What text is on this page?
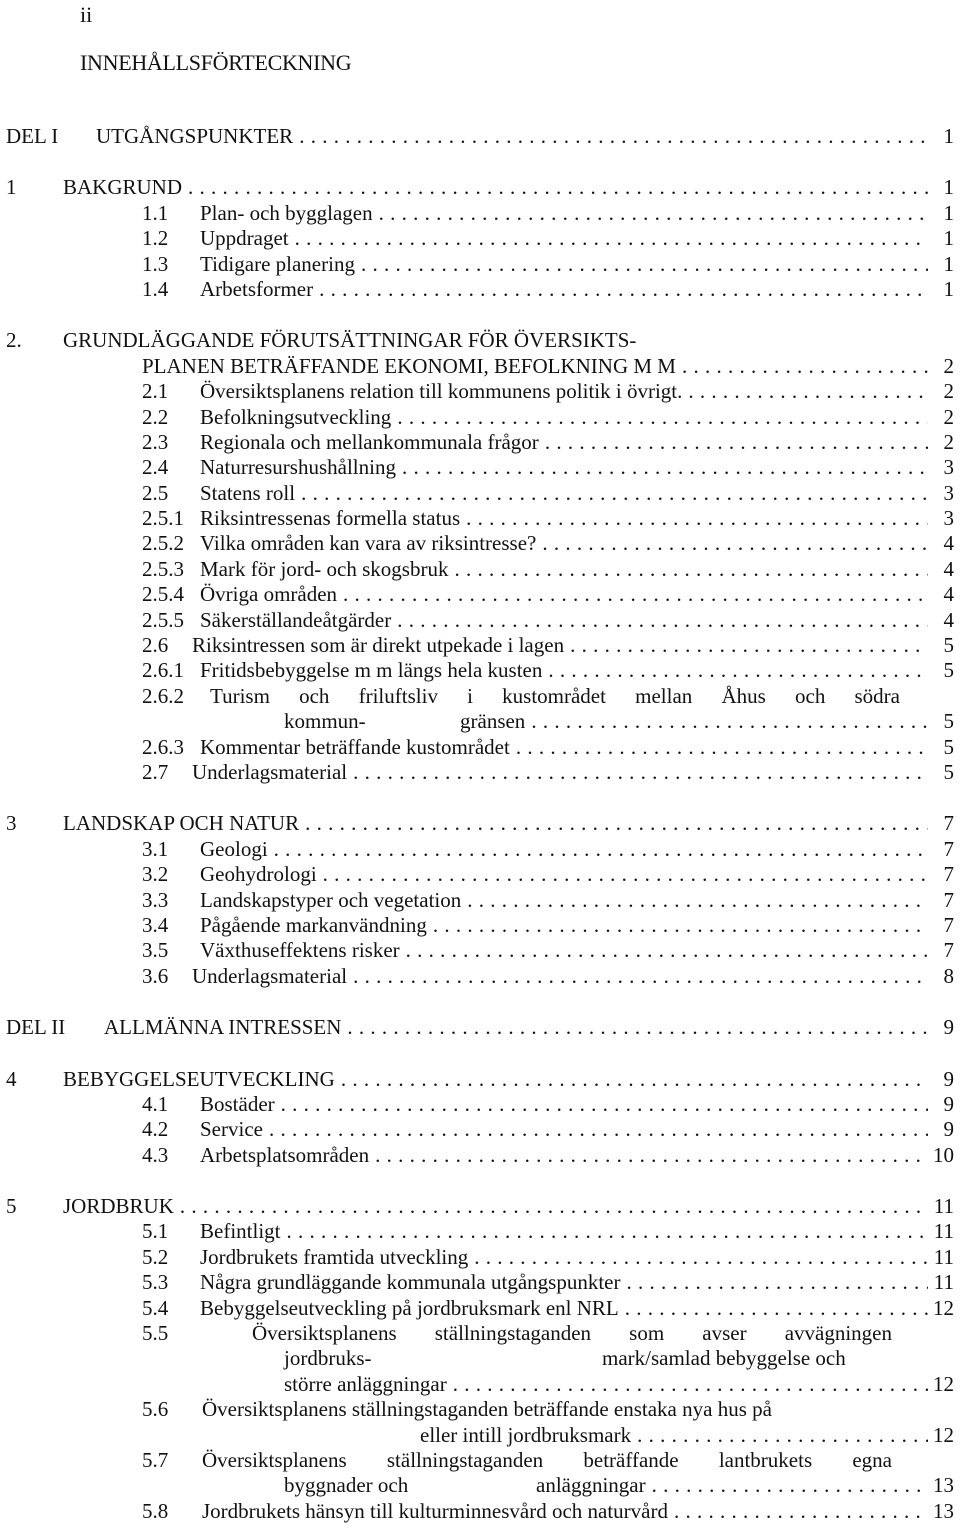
ii
INNEHÅLLSFÖRTECKNING
DEL I	UTGÅNGSPUNKTER . . .	1
1	BAKGRUND . . .	1
1.1	Plan- och bygglagen . . .	1
1.2	Uppdraget . . .	1
1.3	Tidigare planering . . .	1
1.4	Arbetsformer . . .	1
2.	GRUNDLÄGGANDE FÖRUTSÄTTNINGAR FÖR ÖVERSIKTS-
PLANEN BETRÄFFANDE EKONOMI, BEFOLKNING M M . . .	2
2.1	Översiktsplanens relation till kommunens politik i övrigt. . . .	2
2.2	Befolkningsutveckling . . .	2
2.3	Regionala och mellankommunala frågor . . .	2
2.4	Naturresurshushållning . . .	3
2.5	Statens roll . . .	3
2.5.1 Riksintressenas formella status . . .	3
2.5.2 Vilka områden kan vara av riksintresse? . . .	4
2.5.3 Mark för jord- och skogsbruk . . .	4
2.5.4 Övriga områden . . .	4
2.5.5 Säkerställandeåtgärder . . .	4
2.6	Riksintressen som är direkt utpekade i lagen . . .	5
2.6.1 Fritidsbebyggelse m m längs hela kusten . . .	5
2.6.2	Turism och friluftsliv i kustområdet mellan Åhus och södra
kommun-	gränsen . . .	5
2.6.3 Kommentar beträffande kustområdet . . .	5
2.7	Underlagsmaterial . . .	5
3	LANDSKAP OCH NATUR . . .	7
3.1	Geologi . . .	7
3.2	Geohydrologi . . .	7
3.3	Landskapstyper och vegetation . . .	7
3.4	Pågående markanvändning . . .	7
3.5	Växthuseffektens risker . . .	7
3.6	Underlagsmaterial . . .	8
DEL II	ALLMÄNNA INTRESSEN . . .	9
4	BEBYGGELSEUTVECKLING . . .	9
4.1	Bostäder . . .	9
4.2	Service . . .	9
4.3	Arbetsplatsområden . . .	10
5	JORDBRUK . . .	11
5.1	Befintligt . . .	11
5.2	Jordbrukets framtida utveckling . . .	11
5.3	Några grundläggande kommunala utgångspunkter . . .	11
5.4	Bebyggelseutveckling på jordbruksmark enl NRL . . .	12
5.5	Översiktsplanens ställningstaganden som avser avvägningen
jordbruks-	mark/samlad bebyggelse och
större anläggningar . . .	12
5.6	Översiktsplanens ställningstaganden beträffande enstaka nya hus på
eller intill jordbruksmark . . .	12
5.7	Översiktsplanens ställningstaganden beträffande lantbrukets egna
byggnader och	anläggningar . . .	13
5.8	Jordbrukets hänsyn till kulturminnesvård och naturvård . . .	13
